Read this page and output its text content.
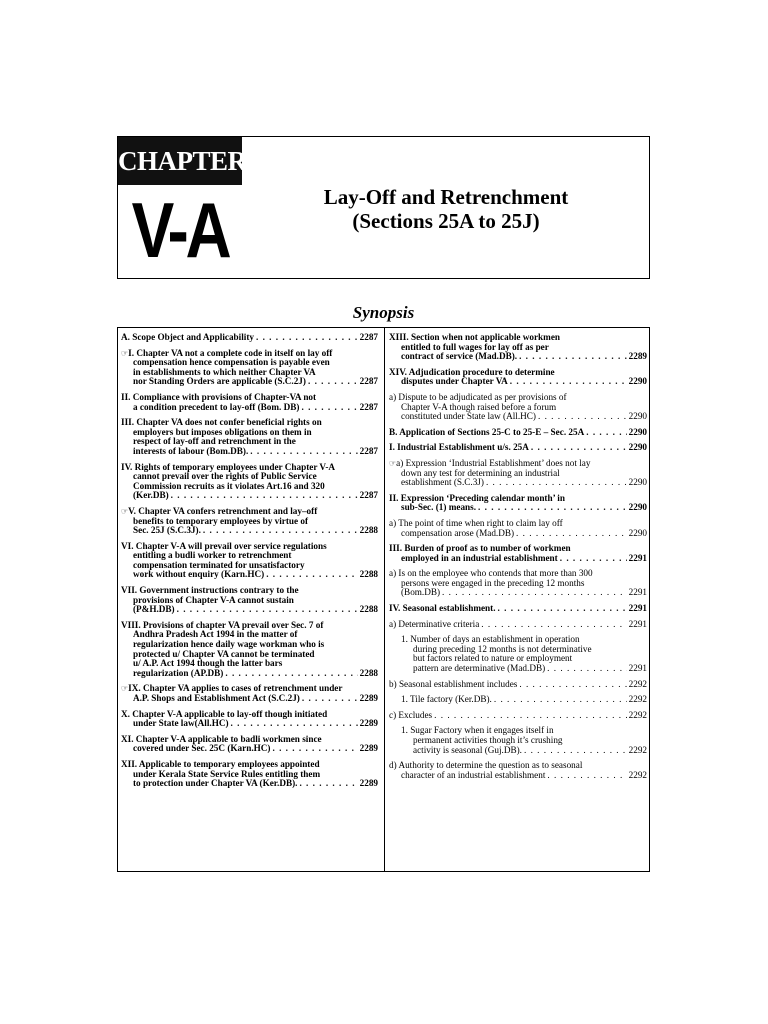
CHAPTER
V-A	Lay-Off and Retrenchment
(Sections 25A to 25J)
Synopsis
A. Scope Object and Applicability . . .	2287
☞I. Chapter VA not a complete code in itself on lay off
compensation hence compensation is payable even
in establishments to which neither Chapter VA
nor Standing Orders are applicable (S.C.2J) . . .	2287
II. Compliance with provisions of Chapter-VA not
a condition precedent to lay-off (Bom. DB) . . .	2287
III. Chapter VA does not confer beneficial rights on
employers but imposes obligations on them in
respect of lay-off and retrenchment in the
interests of labour (Bom.DB). . . .	2287
IV. Rights of temporary employees under Chapter V-A
cannot prevail over the rights of Public Service
Commission recruits as it violates Art.16 and 320
(Ker.DB) . . .	2287
☞V. Chapter VA confers retrenchment and lay–off
benefits to temporary employees by virtue of
Sec. 25J (S.C.3J). . . .	2288
VI. Chapter V-A will prevail over service regulations
entitling a budli worker to retrenchment
compensation terminated for unsatisfactory
work without enquiry (Karn.HC) . . .	2288
VII. Government instructions contrary to the
provisions of Chapter V-A cannot sustain
(P&H.DB) . . .	2288
VIII. Provisions of chapter VA prevail over Sec. 7 of
Andhra Pradesh Act 1994 in the matter of
regularization hence daily wage workman who is
protected u/ Chapter VA cannot be terminated
u/ A.P. Act 1994 though the latter bars
regularization (AP.DB) . . .	2288
☞IX. Chapter VA applies to cases of retrenchment under
A.P. Shops and Establishment Act (S.C.2J) . . .	2289
X. Chapter V-A applicable to lay-off though initiated
under State law(All.HC) . . .	2289
XI. Chapter V-A applicable to badli workmen since
covered under Sec. 25C (Karn.HC) . . .	2289
XII. Applicable to temporary employees appointed
under Kerala State Service Rules entitling them
to protection under Chapter VA (Ker.DB). . . .	2289
XIII. Section when not applicable workmen
entitled to full wages for lay off as per
contract of service (Mad.DB). . . .	2289
XIV. Adjudication procedure to determine
disputes under Chapter VA . . .	2290
a) Dispute to be adjudicated as per provisions of
Chapter V-A though raised before a forum
constituted under State law (All.HC) . . .	2290
B. Application of Sections 25-C to 25-E – Sec. 25A . . .	2290
I. Industrial Establishment u/s. 25A . . .	2290
☞a) Expression ‘Industrial Establishment’ does not lay
down any test for determining an industrial
establishment (S.C.3J) . . .	2290
II. Expression ‘Preceding calendar month’ in
sub-Sec. (1) means. . . .	2290
a) The point of time when right to claim lay off
compensation arose (Mad.DB) . . .	2290
III. Burden of proof as to number of workmen
employed in an industrial establishment . . .	2291
a) Is on the employee who contends that more than 300
persons were engaged in the preceding 12 months
(Bom.DB) . . .	2291
IV. Seasonal establishment. . . .	2291
a) Determinative criteria . . .	2291
1. Number of days an establishment in operation
during preceding 12 months is not determinative
but factors related to nature or employment
pattern are determinative (Mad.DB) . . .	2291
b) Seasonal establishment includes . . .	2292
1. Tile factory (Ker.DB). . . .	2292
c) Excludes . . .	2292
1. Sugar Factory when it engages itself in
permanent activities though it’s crushing
activity is seasonal (Guj.DB). . . .	2292
d) Authority to determine the question as to seasonal
character of an industrial establishment . . .	2292
